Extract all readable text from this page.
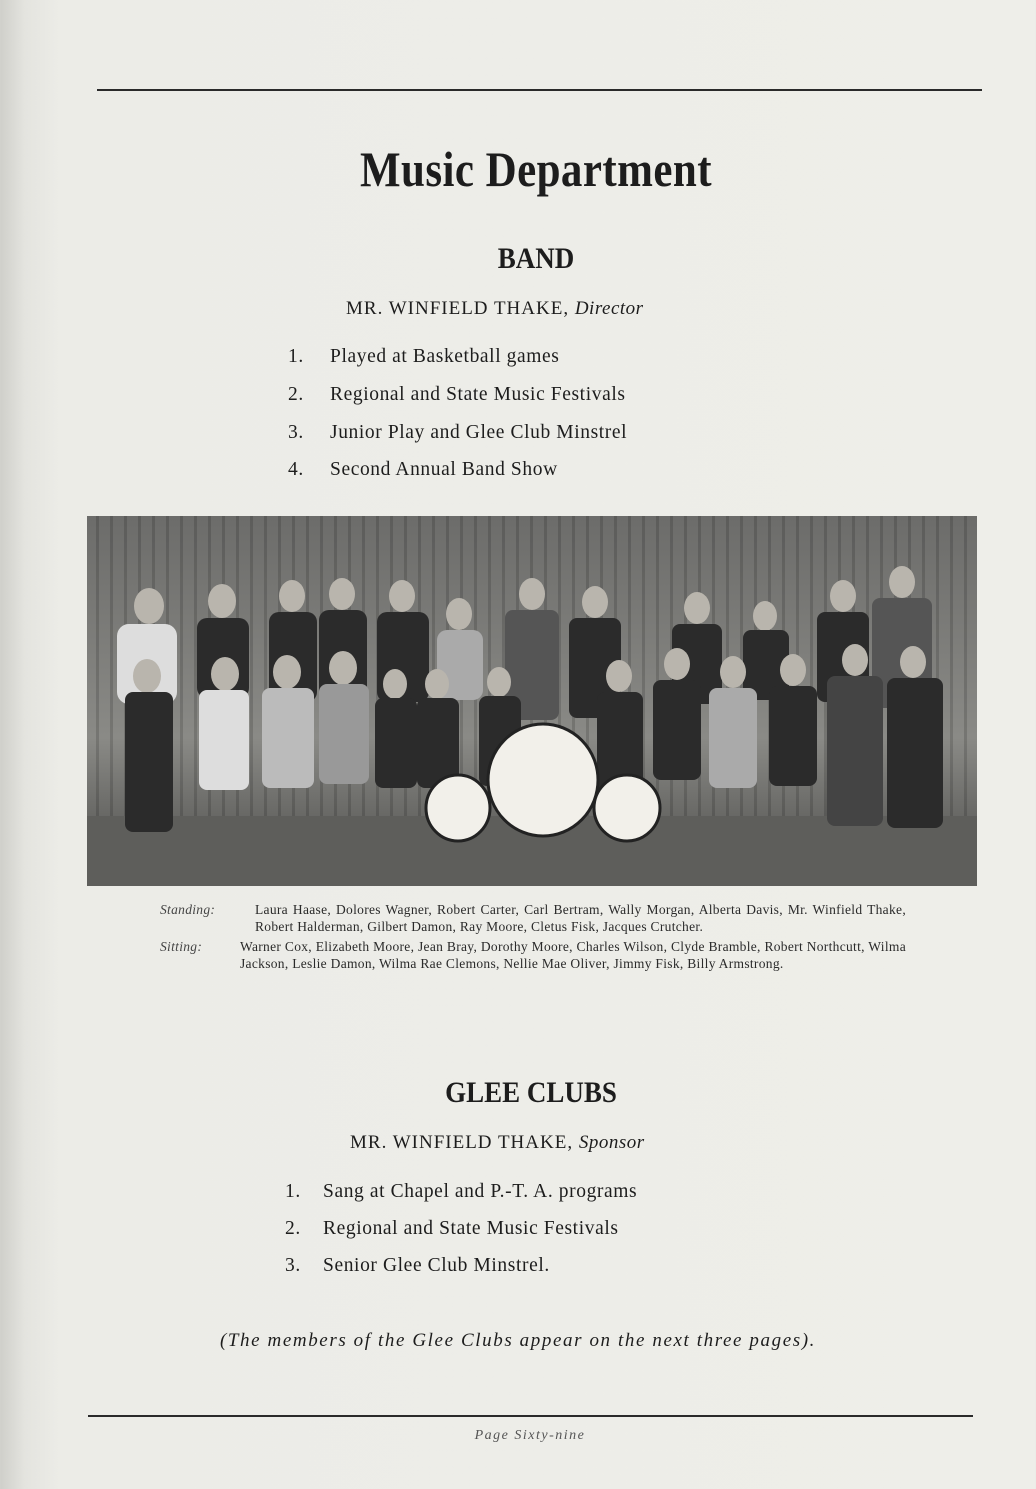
Music Department
BAND
MR. WINFIELD THAKE, Director
1. Played at Basketball games
2. Regional and State Music Festivals
3. Junior Play and Glee Club Minstrel
4. Second Annual Band Show
Standing:	Laura Haase, Dolores Wagner, Robert Carter, Carl Bertram, Wally Morgan, Alberta Davis, Mr. Winfield Thake, Robert Halderman, Gilbert Damon, Ray Moore, Cletus Fisk, Jacques Crutcher.
Sitting:	Warner Cox, Elizabeth Moore, Jean Bray, Dorothy Moore, Charles Wilson, Clyde Bramble, Robert Northcutt, Wilma Jackson, Leslie Damon, Wilma Rae Clemons, Nellie Mae Oliver, Jimmy Fisk, Billy Armstrong.
GLEE CLUBS
MR. WINFIELD THAKE, Sponsor
1. Sang at Chapel and P.-T. A. programs
2. Regional and State Music Festivals
3. Senior Glee Club Minstrel.
(The members of the Glee Clubs appear on the next three pages).
Page Sixty-nine
